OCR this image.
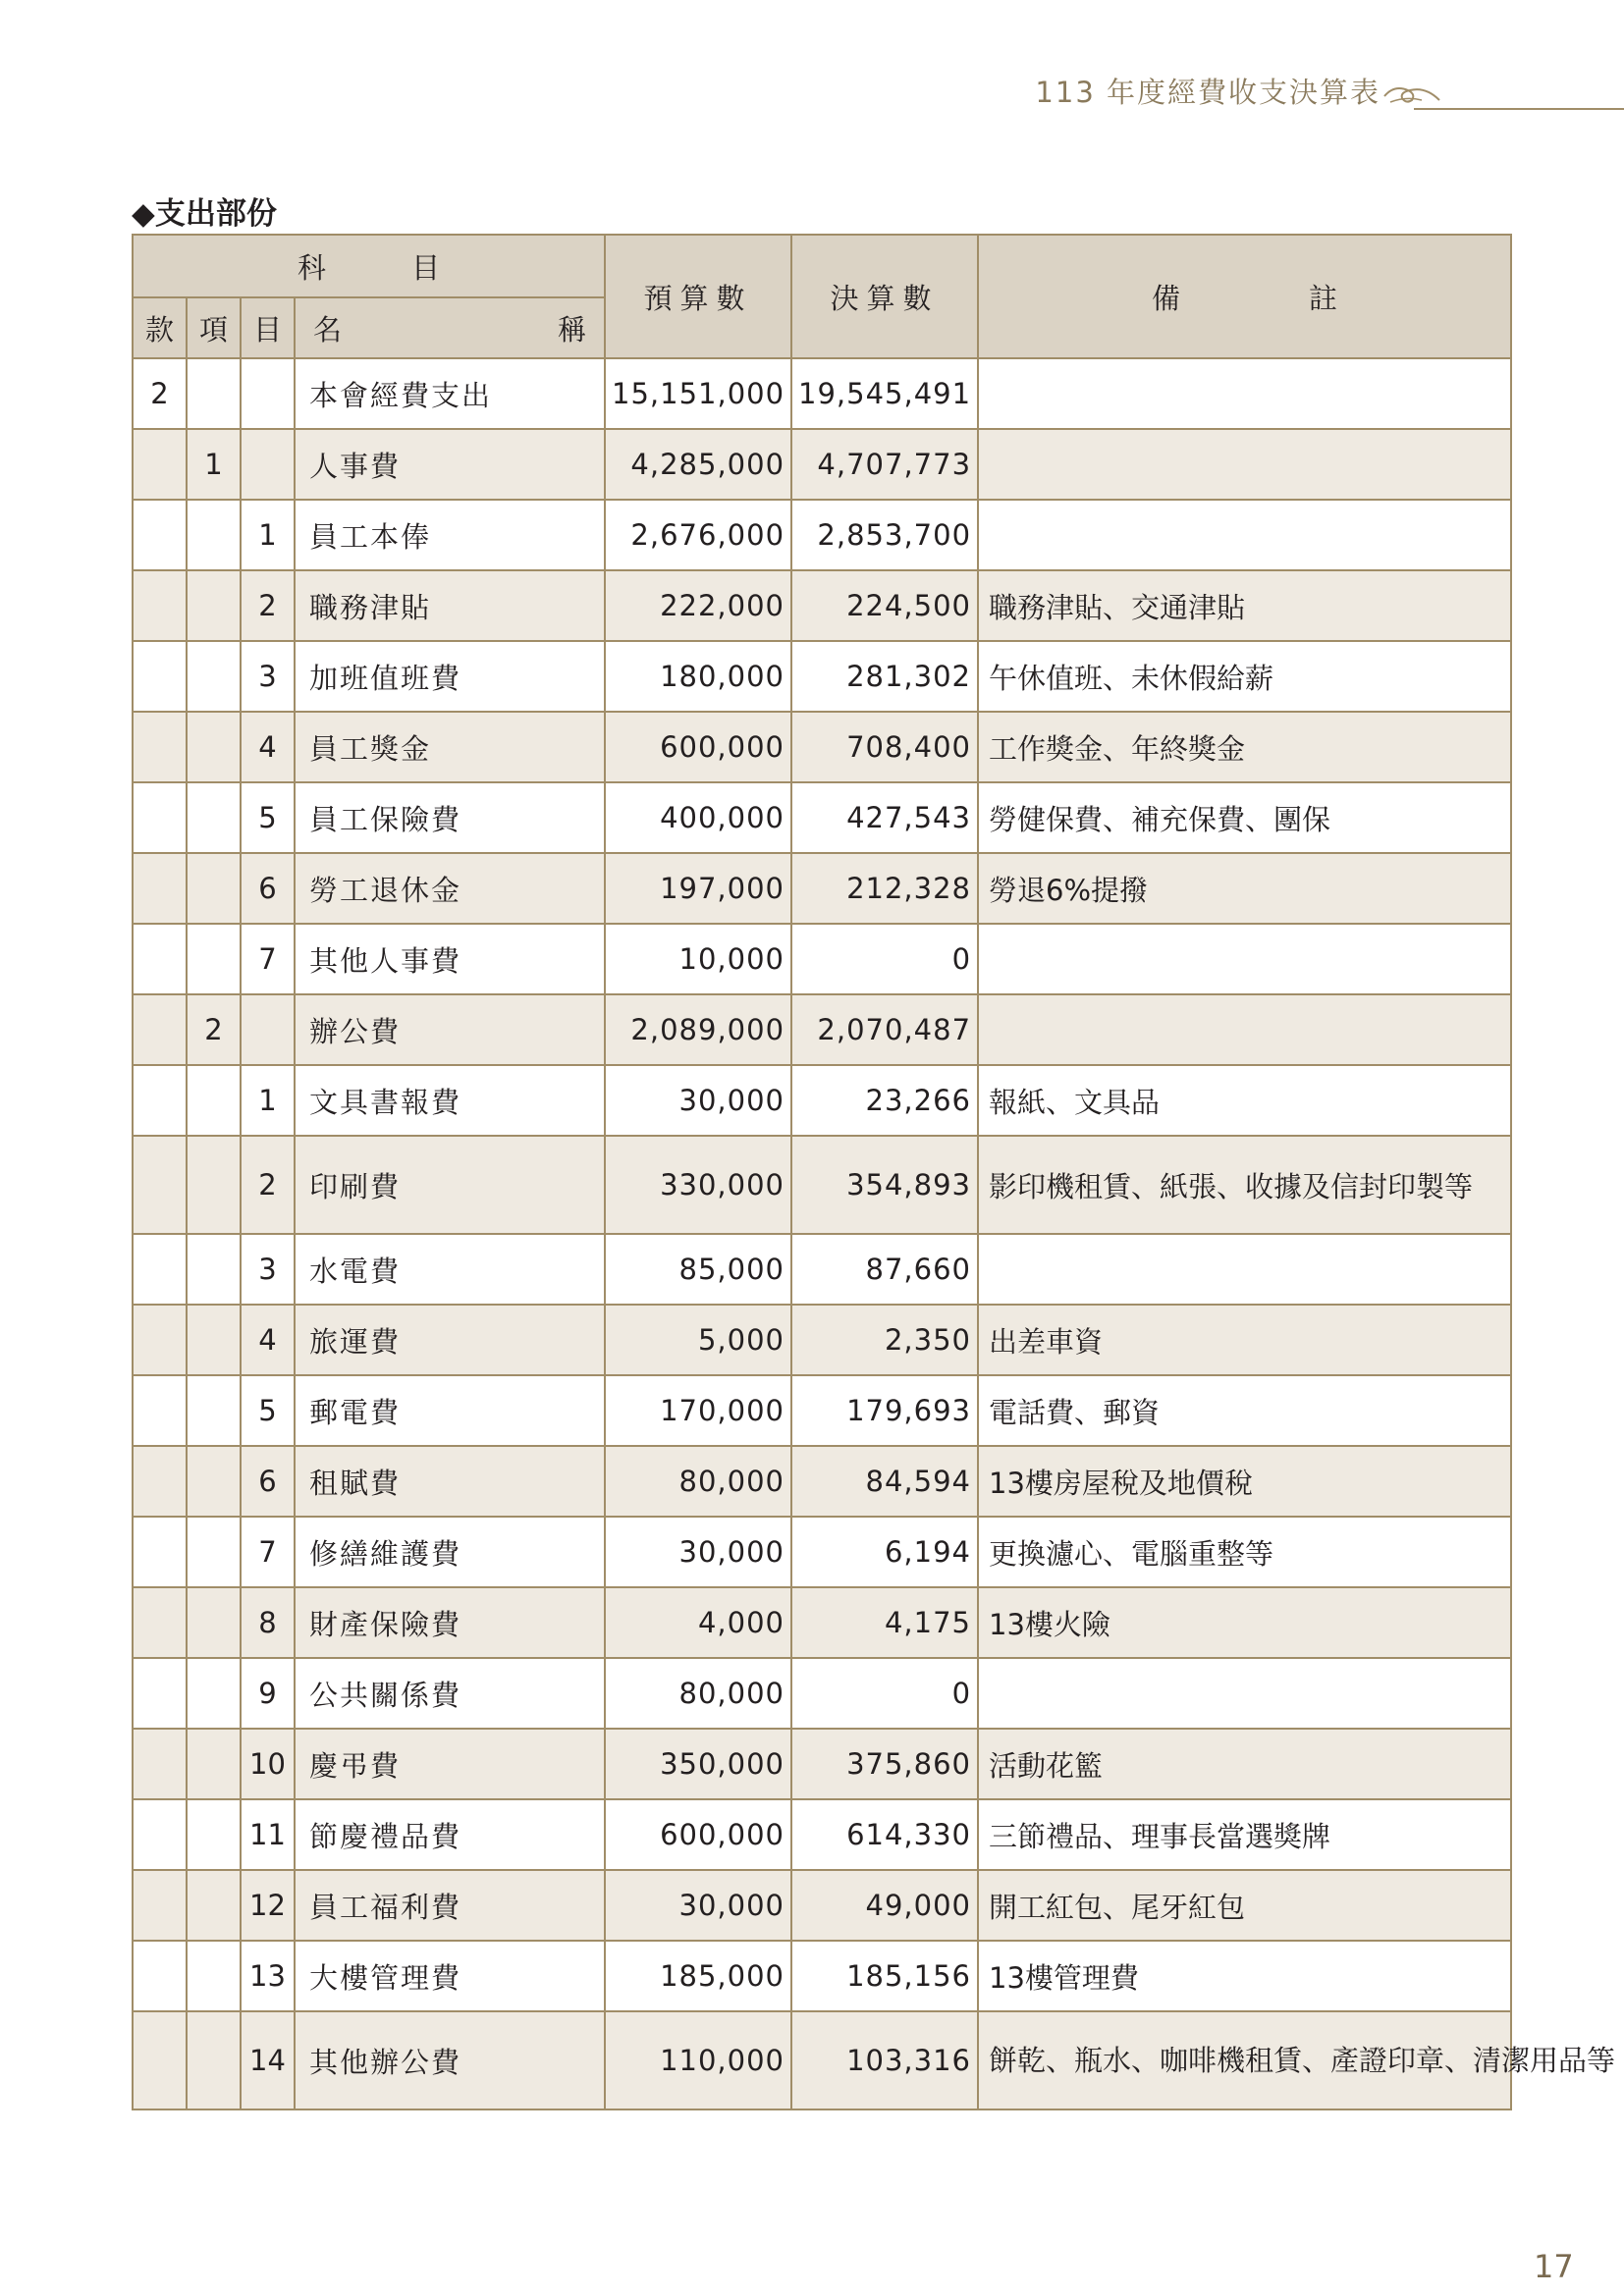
113 年度經費收支決算表
◆支出部份
科　　　目				預算數	決算數	備 註

款	項	目	名 稱			

2			本會經費支出	15,151,000	19,545,491	
	1		人事費	4,285,000	4,707,773	
		1	員工本俸	2,676,000	2,853,700	
		2	職務津貼	222,000	224,500	職務津貼、交通津貼
		3	加班值班費	180,000	281,302	午休值班、未休假給薪
		4	員工獎金	600,000	708,400	工作獎金、年終獎金
		5	員工保險費	400,000	427,543	勞健保費、補充保費、團保
		6	勞工退休金	197,000	212,328	勞退6%提撥
		7	其他人事費	10,000	0	
	2		辦公費	2,089,000	2,070,487	
		1	文具書報費	30,000	23,266	報紙、文具品
		2	印刷費	330,000	354,893	影印機租賃、紙張、收據及信封印製等
		3	水電費	85,000	87,660	
		4	旅運費	5,000	2,350	出差車資
		5	郵電費	170,000	179,693	電話費、郵資
		6	租賦費	80,000	84,594	13樓房屋稅及地價稅
		7	修繕維護費	30,000	6,194	更換濾心、電腦重整等
		8	財產保險費	4,000	4,175	13樓火險
		9	公共關係費	80,000	0	
		10	慶弔費	350,000	375,860	活動花籃
		11	節慶禮品費	600,000	614,330	三節禮品、理事長當選獎牌
		12	員工福利費	30,000	49,000	開工紅包、尾牙紅包
		13	大樓管理費	185,000	185,156	13樓管理費
		14	其他辦公費	110,000	103,316	餅乾、瓶水、咖啡機租賃、產證印章、清潔用品等
17
